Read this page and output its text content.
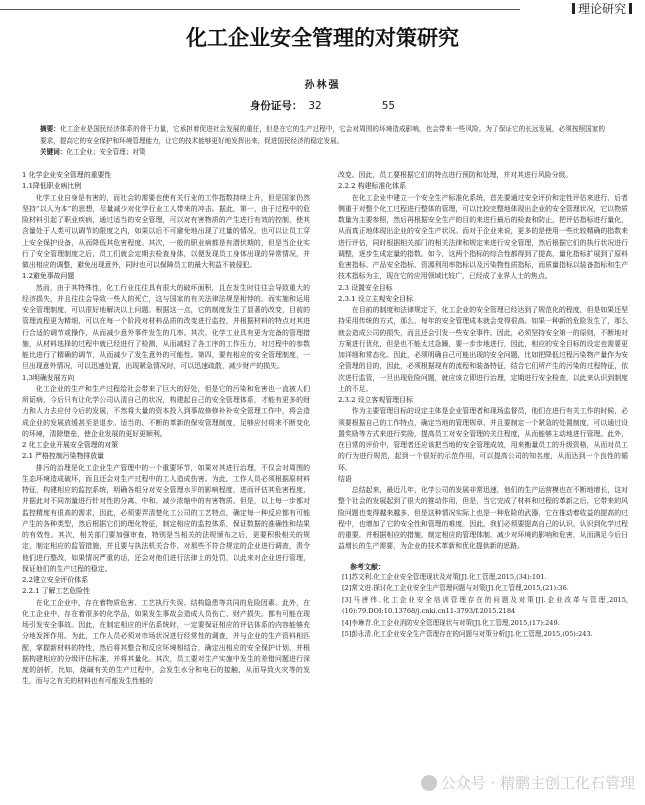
理论研究
化工企业安全管理的对策研究
孙林强
身份证号： 32	55
摘要：化工企业是国民经济体系的骨干力量，它承担着促进社会发展的重任，但是在它的生产过程中，它会对周围的环境造成影响，也会带来一些风险。为了保证它的长远发展，必须按照国家的要求，提高它的安全保护和环境管理能力，让它的技术能够更好地发挥出来，促进国民经济的稳定发展。
关键词：化工企业；安全管理；对策
1 化学企业安全管理的重要性
1.1降低职业病比例
化学工业自身是有害的，而社会的需要也使有关行业的工作指数持续上升，但是国家仍然坚持“以人为本”的思想，尽量减少对化学行业工人带来的冲击。据此，第一，由于过程中的危险材料引起了职业疾病，通过适当的安全管理，可以对有害物质的产生进行有效的控制，使其含量处于人类可以调节的限度之内，如果以后不可避免地出现了过量的情况，也可以让员工穿上安全保护设备，从而降低其危害程度。其次，一般的职业病都是有潜伏期的，但是当企业实行了安全管理制度之后，员工们就会定期去检查身体，以便发现员工身体出现的异常情况，并做出相应的调整，避免出现意外，同时也可以保障员工的最大利益不被侵犯。
1.2避免事故问题
然而，由于其特殊性，化工行业往往具有很大的破坏面积，且在发生时往往会导致重大的经济损失，并且往往会导致一些人的死亡，这与国家的有关法律法规是相悖的。而实施和运用安全管理制度，可以很好地解决以上问题。根据这一点，它的制度发生了显著的改变，目前的管理流程更为精细，可以在每一个阶段对材料品质的改变进行监控，并根据材料的特点对其进行合适的调节或操作，从而减少意外事件发生的几率。其次，化学工业具有更为完备的管理措施，从材料选择的过程中就已经进行了检测，从而减轻了各工序的工作压力，对过程中的参数能比进行了精确的调节，从而减少了发生意外的可能性。第四，要有相应的安全管理制度，一旦出现意外情况，可以迅速处置，出现紧急情况时，可以迅速疏散，减少财产的损失。
1.3明确发展方向
化工企业的生产和生产过程给社会带来了巨大的好处，但是它的污染和危害也一直被人们所诟病，今后只有让化学公司认清自己的状况，构建起自己的安全管理体系，才能有更多的财力和人力去应付今后的发展，不然将大量的资本投入到事故修修补补安全管理工作中，将会造成企业的发展放缓甚至是退步。适当的、不断的革新的保安管理制度，足够应付将来不断变化的环境，清除壁垒，使企业发展的更好更顺利。
2 化工企业开展安全管理的对策
2.1 严格控制污染物排放量
排污的治理是化工企业生产管理中的一个重要环节，如果对其进行治理，不仅会对周围的生态环境造成破坏，而且还会对生产过程中的工人造成伤害。为此，工作人员必须根据原材料特征，构建相应的监控系统，明确各组分对安全管理水平的影响程度，进而评估其危害程度，并据此对不同剂量进行针对性的分离、中和、减少浓缩中的有害物质。但是，以上每一步都对监控精度有很高的需求，因此，必须要弄清楚化工公司的工艺特点，确定每一种反应都有可能产生的各种类型，然后根据它们的理化特征，制定相应的监控体系，保证数据的准确性和结果的有效性。其次，相关部门要加强审查，特别是当相关的法规颁布之后，更要积极相关的规定，制定相应的监管措施，并且要与执法机关合作，对那些不符合规定的企业进行调查，责令他们进行整改，如果情况严重的话，还会对他们进行法律上的处罚，以此来对企业进行管理，保证他们的生产过程的稳定。
2.2建立安全评价体系
2.2.1 了解工艺危险性
在化工企业中，存在着物质危害、工艺执行失误、结构隐患等共同的危险因素。此外，在化工企业中，存在着很多的化学品，如果发生事故会造成人员伤亡、财产损失。都有可能在现场引发安全事故。因此，在制定相应的评估系统时，一定要保证相应的评估体系的内容能够充分地发挥作用。为此，工作人员必须对市场状况进行经常性的调查，并与企业的生产资料相匹配，掌握新材料的特性，然后将其整合和反应环境相结合，确定出相应的安全保护计划，并根据构建相应的分级评估标准，并将其量化。其次，员工要对生产实施中发生的差错问题进行深度的剖析，比如，烧碱有关的生产过程中，会发生水分和电石的接触，从而导致火灾等的发生，而与之有关的材料也有可能发生性能的
改变。因此，员工要根据它们的特点进行预防和处理，并对其进行风险分级。
2.2.2 构建标准化体系
在化工企业中建立一个安全生产标准化系统，首先要通过安全评价和定性评估来进行，后者侧重于对整个化工过程进行整体的管理，可以比较完整地体现出企业的安全管理状况，它以物质数量为主要参照，然后再根据安全生产的目的来进行最后的检查和防止，把评估指标进行量化，从而真正地体现出企业的安全生产状况。而对于企业来说，更多的是使用一些比较精确的指数来进行评估，同时根据相关部门的相关法律和规定来进行安全管理，然后根据它们的执行状况进行调整，逐步生成定量的指数。如今，这两个指标的综合性都得到了提高，量化指标扩展到了原料危害指标、产品安全指标、资源利用率指标以及污染物性质指标，而质量指标以装备指标和生产技术指标为主，现在它的应用领域比较广，已经成了业界人士的焦点。
2.3 设置安全目标
2.3.1 设立主观安全目标
在目前的制度和法律规定下，化工企业的安全管理已经达到了规范化的程度，但是如果还坚持采用传统的方式，那么，每年的安全管理成本就会变得很高。如果一种新的危险发生了，那么就会造成公司的损失，而且还会引发一些安全事件。因此，必须坚持安全第一的原则，不断地对方案进行优化，但是也不能太过急躁，要一步步地进行，因此，相应的安全目标的设定也需要更加详细和常态化。因此，必须明确自己可能出现的安全问题，比如把降低过程污染物产量作为安全管理的目的，因此，必须根据现有的流程和装备特征，结合它们所产生的污染的过程特征，依次进行监管，一旦出现危险问题，就应该立即进行治理，定期进行安全检查，以此来认识到制度上的不足。
2.3.2 设立客观管理目标
作为主要管理目标的设定主体是企业管理者和现场监督员，他们在进行有关工作的时候，必须要根据自己的工作特点，确定当地的管理规章，并且要制定一个紧急的处置制度，可以通过设置奖励等方式来进行奖励，提高员工对安全管理的关注程度，从而能够主动地进行管理。此外，在日常的评价中，管理者还应该把当地的安全管理成效，用来衡量员工的升级资格，从而对员工的行为进行规范，起到一个很好的示范作用，可以提高公司的知名度，从而达到一个良性的循环。
结语
总结起来，最近几年，化学公司的发展非常迅速，他们的生产运营模也在不断地增长，这对整个社会的发展起到了很大的推动作用，但是，当它完成了材料和过程的革新之后，它带来的风险问题也变得越来越多，但是这种情况实际上也是一种危险的武器，它在推动着收益的提高的过程中，也增加了它的安全性和管理的难度。因此，我们必须要提高自己的认识，认识到化学过程的重要，并根据相应的措施，制定相应的管理体制，减少对环境的影响和危害，从而满足今后日益增长的生产需要，为企业的技术革新和优化提供新的思路。
参考文献：
[1]苏文利.化工企业安全管理现状及对策[J].化工管理,2015,(34):101.
[2]常文进.探讨化工企业安全生产管理问题与对策[J].化工管理,2015,(21):36.
[3]马唐伟.化工企业安全培训管理存在的问题及对策[J].企业改革与管理,2015,(10):79.DOI:10.13768/j.cnki.cn11-3793/f.2015.2184
[4]李琳青.化工企业消防安全管理现状与对策[J].化工管理,2015,(17):249.
[5]彭永清.化工企业安全生产管理存在的问题与对策分析[J].化工管理,2015,(05):243.
公众号 · 精鹏主创工化石管理
